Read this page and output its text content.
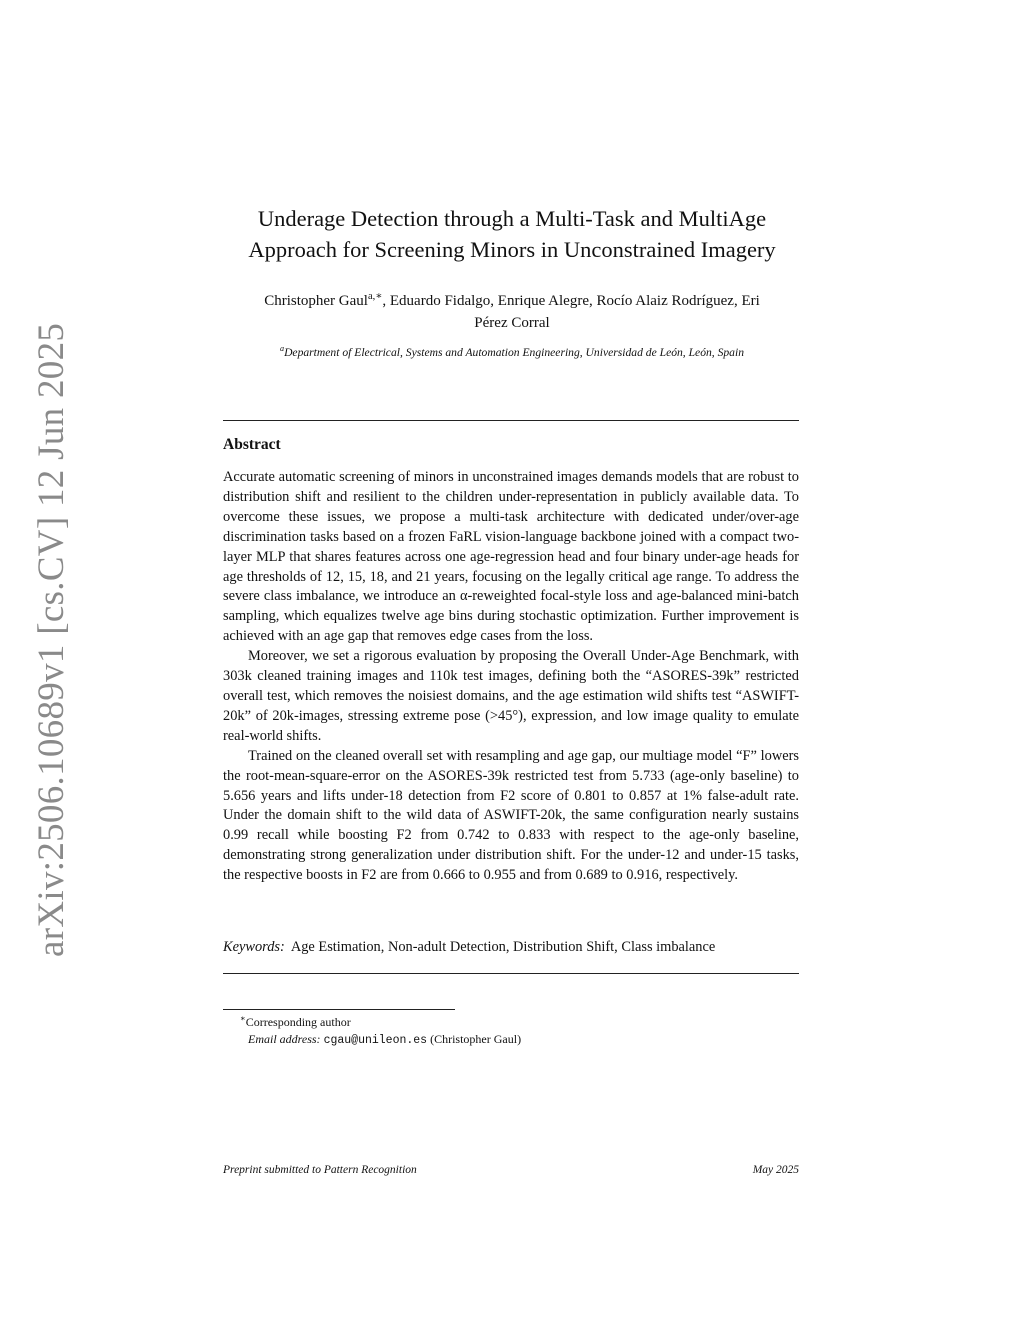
arXiv:2506.10689v1 [cs.CV] 12 Jun 2025
Underage Detection through a Multi-Task and MultiAge
Approach for Screening Minors in Unconstrained Imagery
Christopher Gaul$^{a,∗}$, Eduardo Fidalgo, Enrique Alegre, Rocío Alaiz Rodríguez, Eri
Pérez Corral
$^a$Department of Electrical, Systems and Automation Engineering, Universidad de León, León, Spain
Abstract

Accurate automatic screening of minors in unconstrained images demands models that are robust to distribution shift and resilient to the children under-representation in publicly available data. To overcome these issues, we propose a multi-task architecture with dedicated under/over-age discrimination tasks based on a frozen FaRL vision-language backbone joined with a compact two-layer MLP that shares features across one age-regression head and four binary under-age heads for age thresholds of 12, 15, 18, and 21 years, focusing on the legally critical age range. To address the severe class imbalance, we introduce an α-reweighted focal-style loss and age-balanced mini-batch sampling, which equalizes twelve age bins during stochastic optimization. Further improvement is achieved with an age gap that removes edge cases from the loss.

Moreover, we set a rigorous evaluation by proposing the Overall Under-Age Benchmark, with 303k cleaned training images and 110k test images, defining both the “ASORES-39k” restricted overall test, which removes the noisiest domains, and the age estimation wild shifts test “ASWIFT-20k” of 20k-images, stressing extreme pose (>45°), expression, and low image quality to emulate real-world shifts.

Trained on the cleaned overall set with resampling and age gap, our multiage model “F” lowers the root-mean-square-error on the ASORES-39k restricted test from 5.733 (age-only baseline) to 5.656 years and lifts under-18 detection from F2 score of 0.801 to 0.857 at 1% false-adult rate. Under the domain shift to the wild data of ASWIFT-20k, the same configuration nearly sustains 0.99 recall while boosting F2 from 0.742 to 0.833 with respect to the age-only baseline, demonstrating strong generalization under distribution shift. For the under-12 and under-15 tasks, the respective boosts in F2 are from 0.666 to 0.955 and from 0.689 to 0.916, respectively.

Keywords: Age Estimation, Non-adult Detection, Distribution Shift, Class imbalance
∗Corresponding author
Email address: cgau@unileon.es (Christopher Gaul)
Preprint submitted to Pattern Recognition	May 2025
